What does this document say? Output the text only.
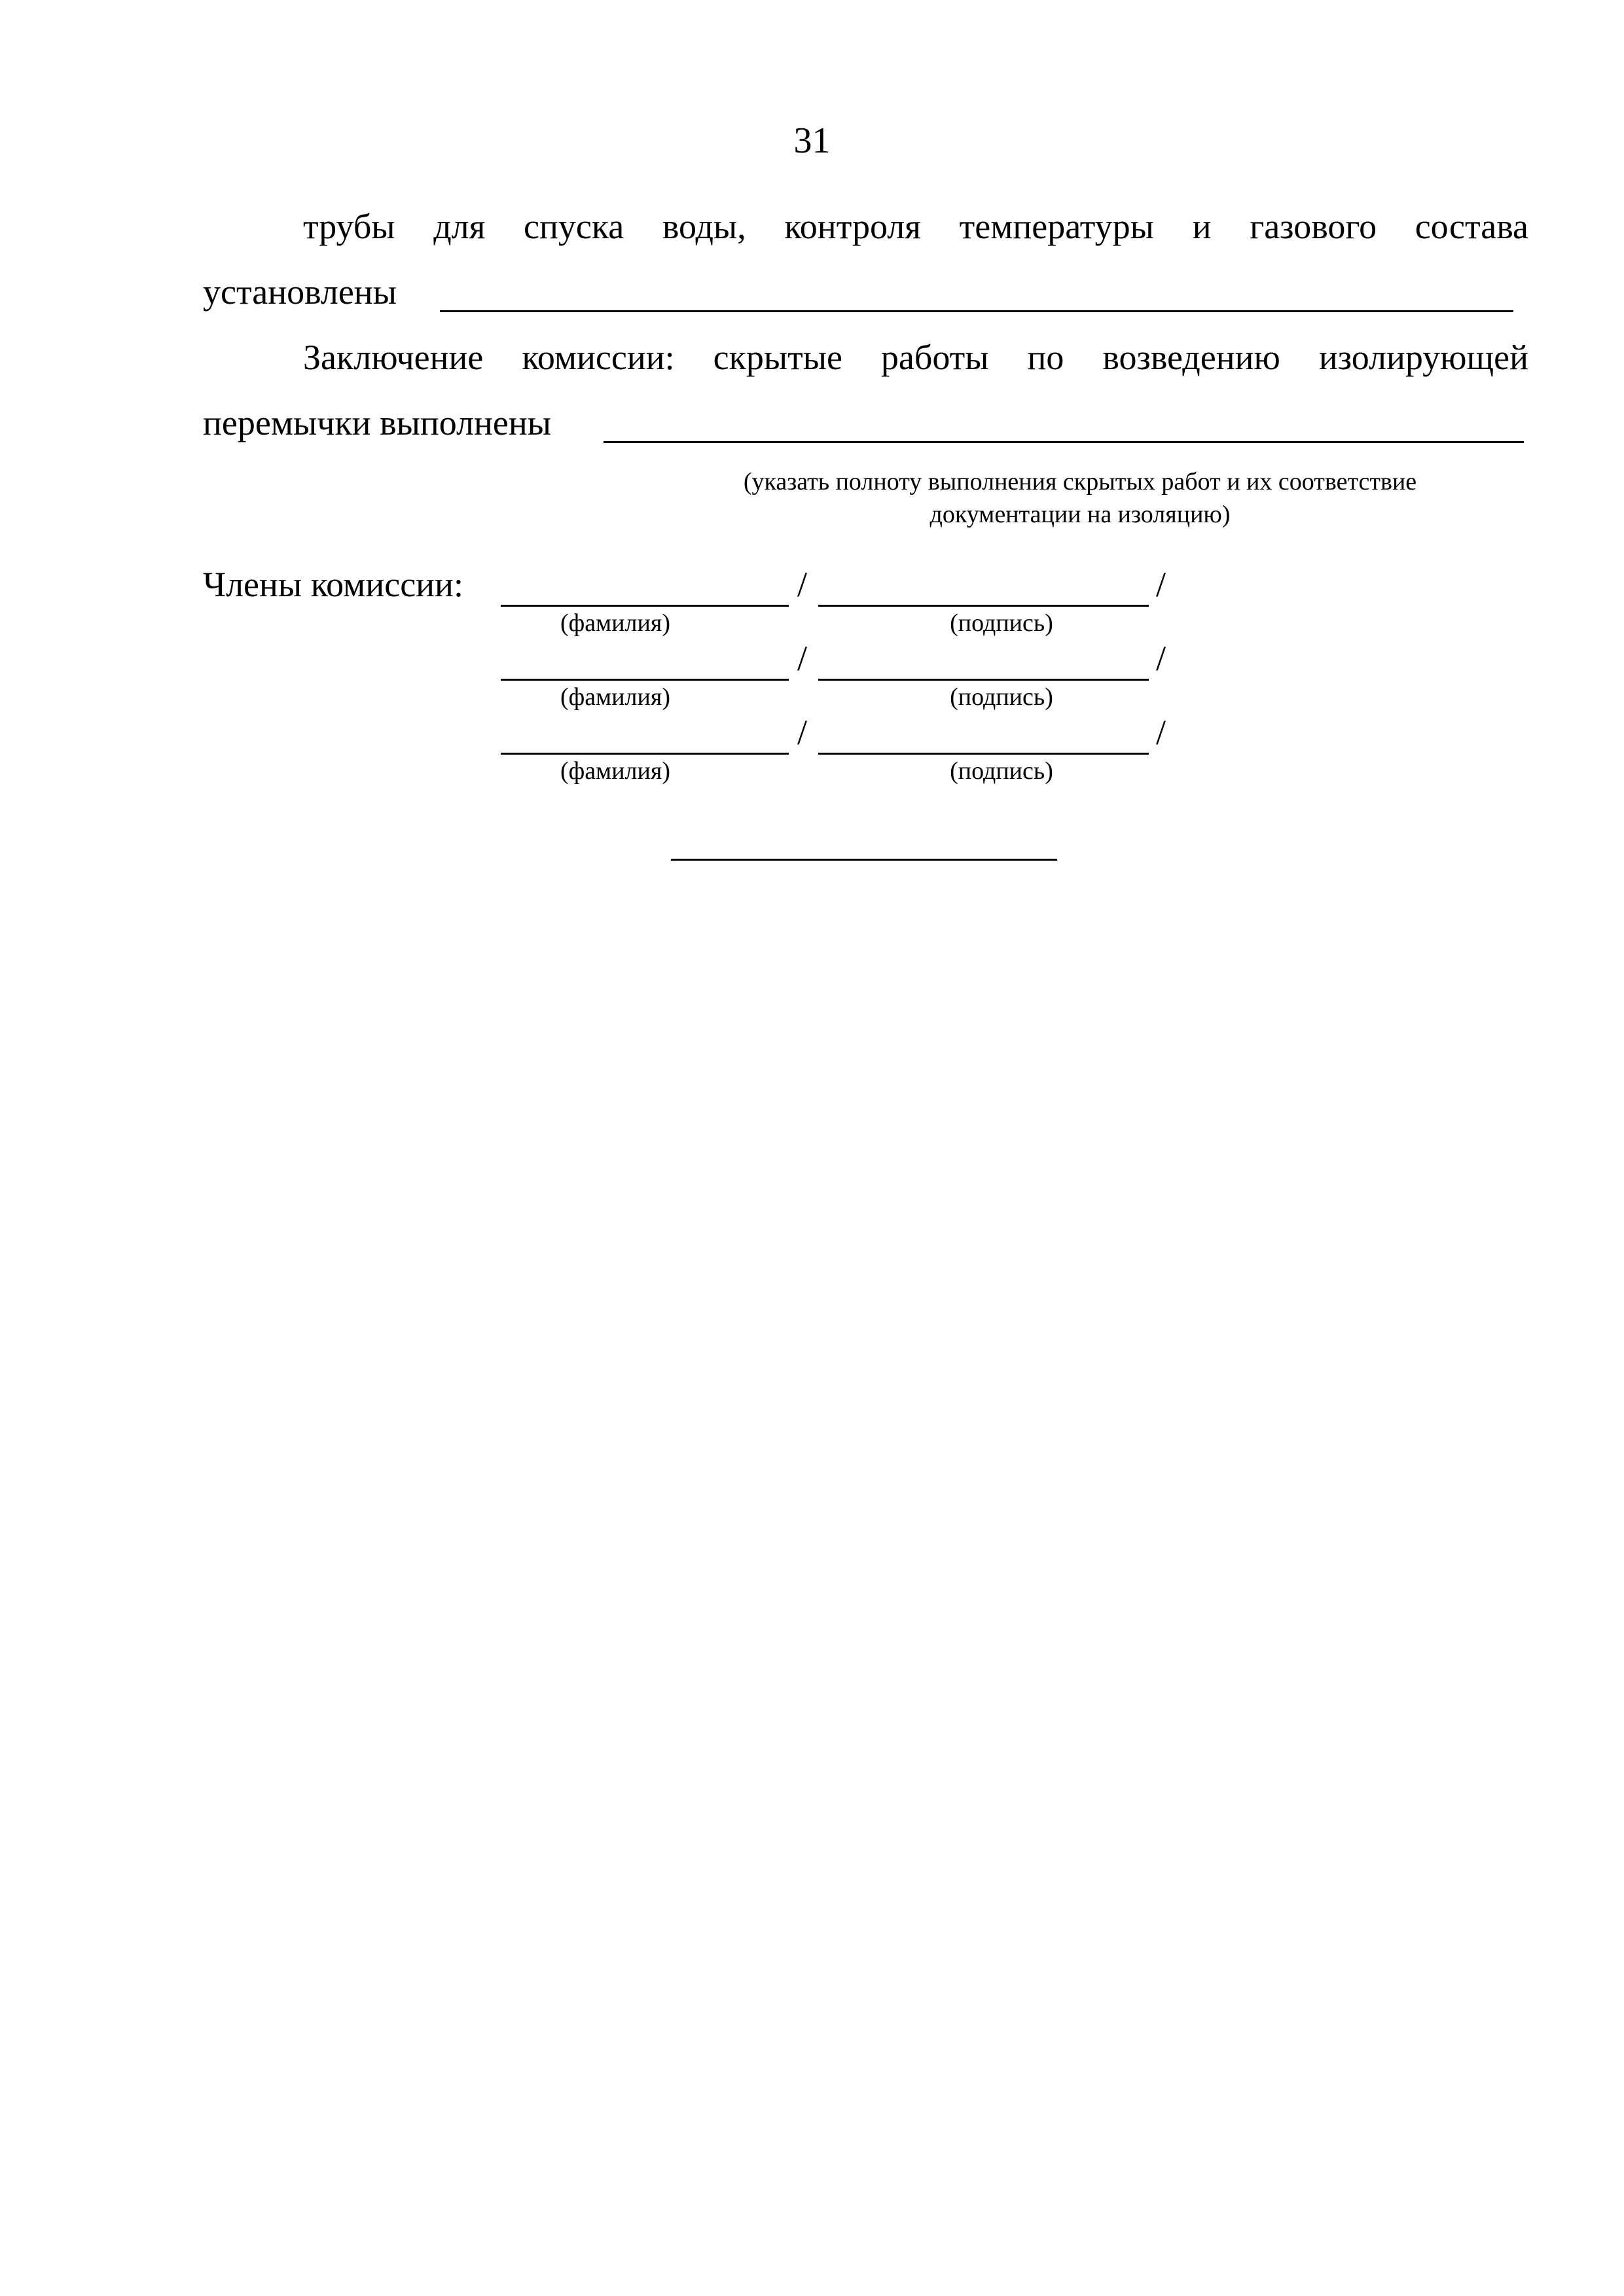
31
трубы для спуска воды, контроля температуры и газового состава
установлены
Заключение комиссии: скрытые работы по возведению изолирующей
перемычки выполнены
(указать полноту выполнения скрытых работ и их соответствие
документации на изоляцию)
Члены комиссии:	/	/
(фамилия)	(подпись)
/	/
(фамилия)	(подпись)
/	/
(фамилия)	(подпись)
